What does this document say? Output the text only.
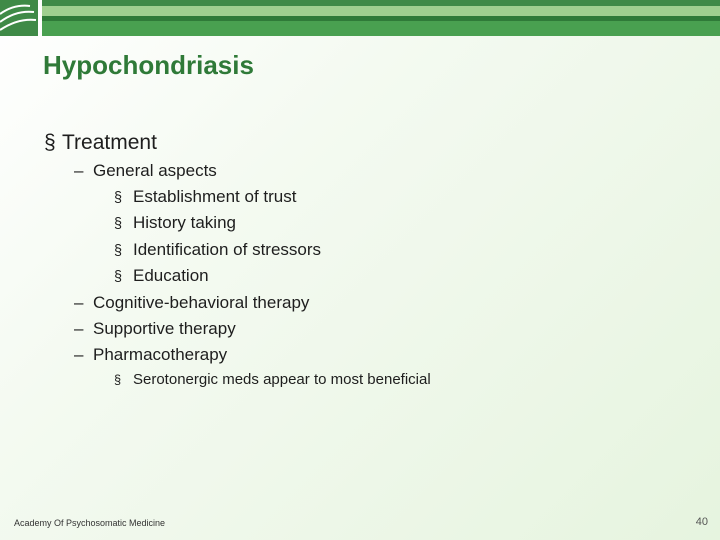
Hypochondriasis
§ Treatment
– General aspects
§ Establishment of trust
§ History taking
§ Identification of stressors
§ Education
– Cognitive-behavioral therapy
– Supportive therapy
– Pharmacotherapy
§ Serotonergic meds appear to most beneficial
Academy Of Psychosomatic Medicine	40
